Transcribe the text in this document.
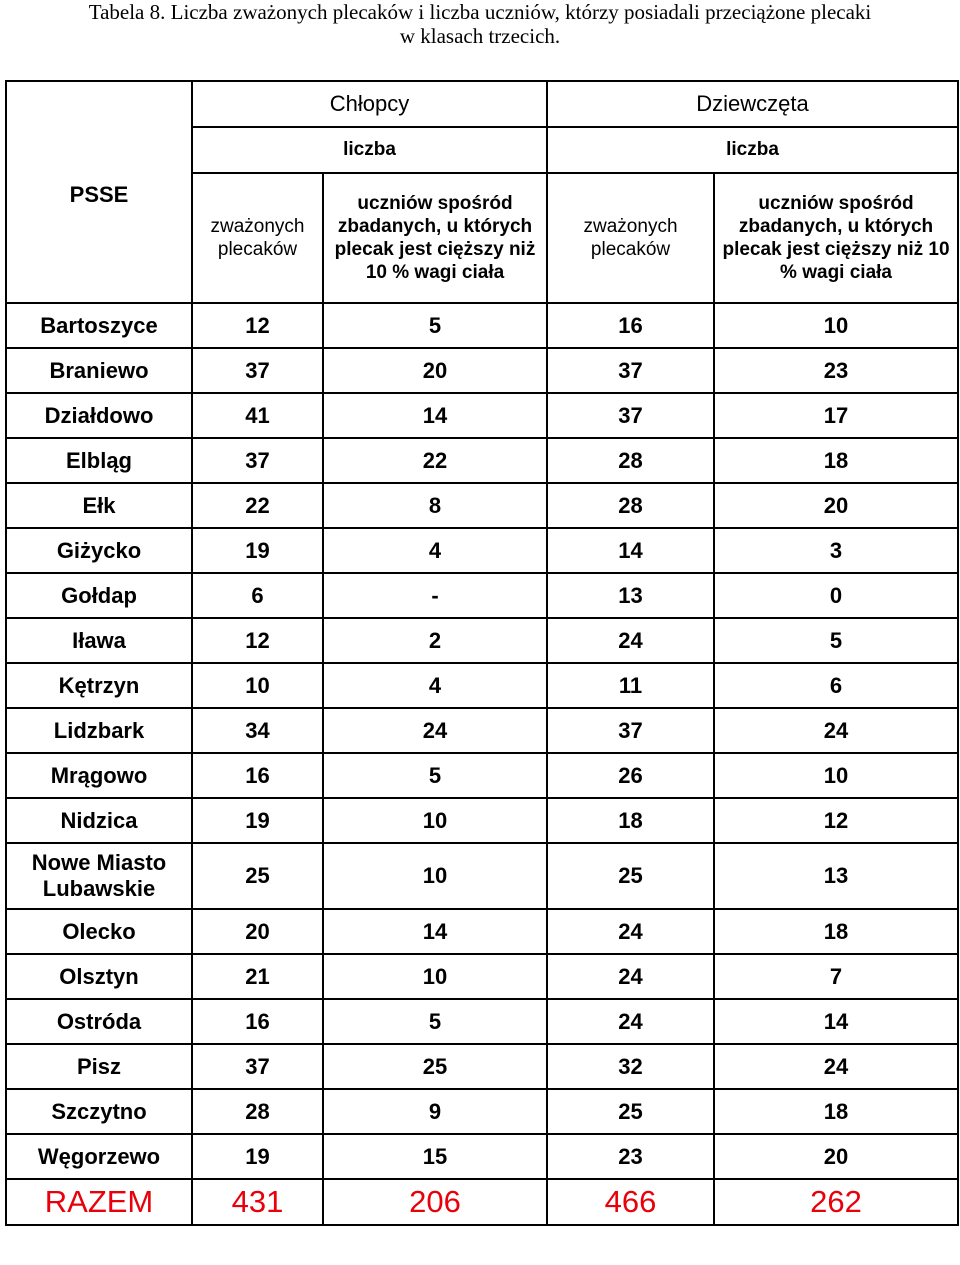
Tabela 8. Liczba zważonych plecaków i liczba uczniów, którzy posiadali przeciążone plecaki
w klasach trzecich.
PSSE	Chłopcy		Dziewczęta	
	liczba		liczba	
	zważonych plecaków	uczniów spośród zbadanych, u których plecak jest cięższy niż 10 % wagi ciała	zważonych plecaków	uczniów spośród zbadanych, u których plecak jest cięższy niż 10 % wagi ciała
Bartoszyce	12	5	16	10
Braniewo	37	20	37	23
Działdowo	41	14	37	17
Elbląg	37	22	28	18
Ełk	22	8	28	20
Giżycko	19	4	14	3
Gołdap	6	-	13	0
Iława	12	2	24	5
Kętrzyn	10	4	11	6
Lidzbark	34	24	37	24
Mrągowo	16	5	26	10
Nidzica	19	10	18	12
Nowe Miasto Lubawskie	25	10	25	13
Olecko	20	14	24	18
Olsztyn	21	10	24	7
Ostróda	16	5	24	14
Pisz	37	25	32	24
Szczytno	28	9	25	18
Węgorzewo	19	15	23	20
RAZEM	431	206	466	262
